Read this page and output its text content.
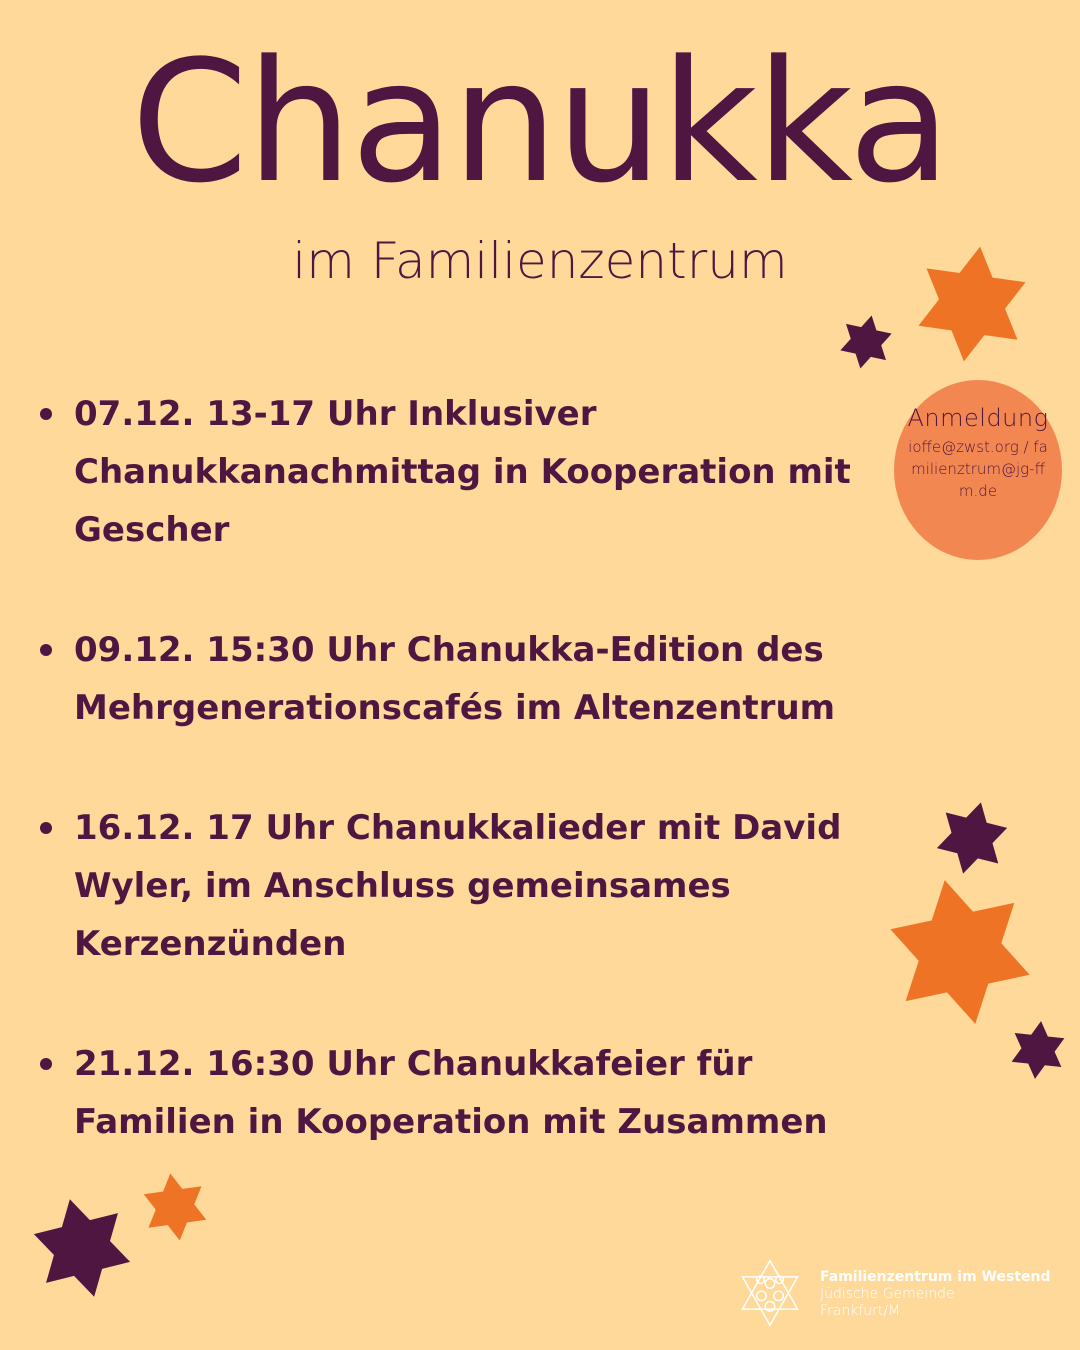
Chanukka
im Familienzentrum
07.12. 13-17 Uhr Inklusiver Chanukkanachmittag in Kooperation mit Gescher
09.12. 15:30 Uhr Chanukka-Edition des Mehrgenerationscafés im Altenzentrum
16.12. 17 Uhr Chanukkalieder mit David Wyler, im Anschluss gemeinsames Kerzenzünden
21.12. 16:30 Uhr Chanukkafeier für Familien in Kooperation mit Zusammen
Anmeldung
ioffe@zwst.org / familienztrum@jg-ffm.de
Familienzentrum im Westend
Jüdische Gemeinde
Frankfurt/M
